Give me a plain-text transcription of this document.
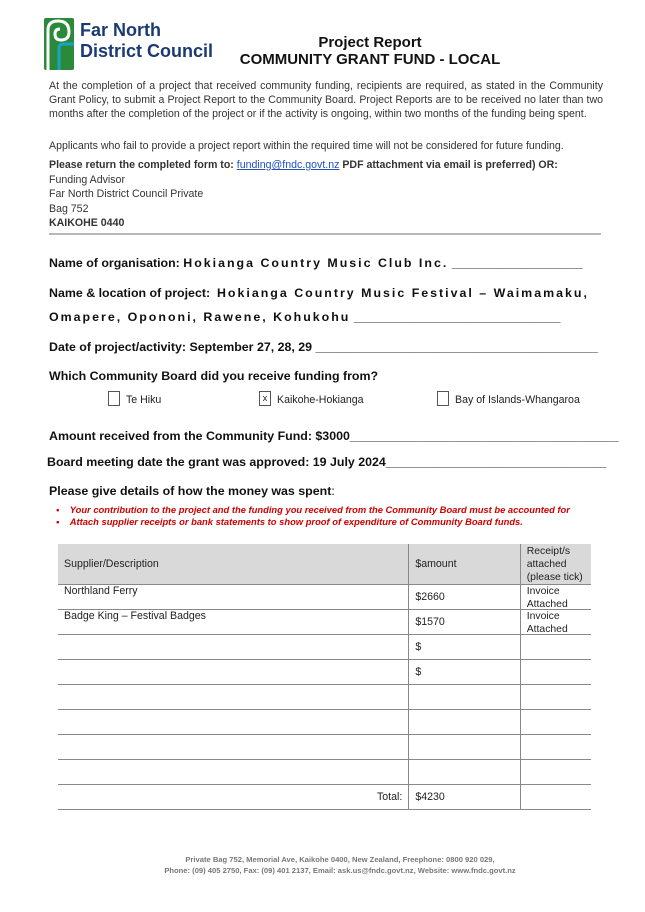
Far North
District Council	Project Report
COMMUNITY GRANT FUND - LOCAL
At the completion of a project that received community funding, recipients are required, as stated in the Community Grant Policy, to submit a Project Report to the Community Board. Project Reports are to be received no later than two months after the completion of the project or if the activity is ongoing, within two months of the funding being spent.
Applicants who fail to provide a project report within the required time will not be considered for future funding.
Please return the completed form to: funding@fndc.govt.nz PDF attachment via email is preferred) OR:
Funding Advisor
Far North District Council Private
Bag 752
KAIKOHE 0440
Name of organisation: Hokianga Country Music Club Inc. ___________________
Name & location of project:  Hokianga Country Music Festival – Waimamaku,
Omapere, Opononi, Rawene, Kohukohu ______________________________
Date of project/activity: September 27, 28, 29 _________________________________________
Which Community Board did you receive funding from?
Te Hiku	x Kaikohe-Hokianga	Bay of Islands-Whangaroa
Amount received from the Community Fund: $3000_______________________________________
Board meeting date the grant was approved: 19 July 2024________________________________
Please give details of how the money was spent:
•    Your contribution to the project and the funding you received from the Community Board must be accounted for
•    Attach supplier receipts or bank statements to show proof of expenditure of Community Board funds.
Supplier/Description	$amount	Receipt/s attached (please tick)
Northland Ferry	$2660	Invoice Attached

Badge King – Festival Badges	$1570	Invoice Attached

	$	
	$	

Total:	$4230	
Private Bag 752, Memorial Ave, Kaikohe 0400, New Zealand, Freephone: 0800 920 029,
Phone: (09) 405 2750, Fax: (09) 401 2137, Email: ask.us@fndc.govt.nz, Website: www.fndc.govt.nz
